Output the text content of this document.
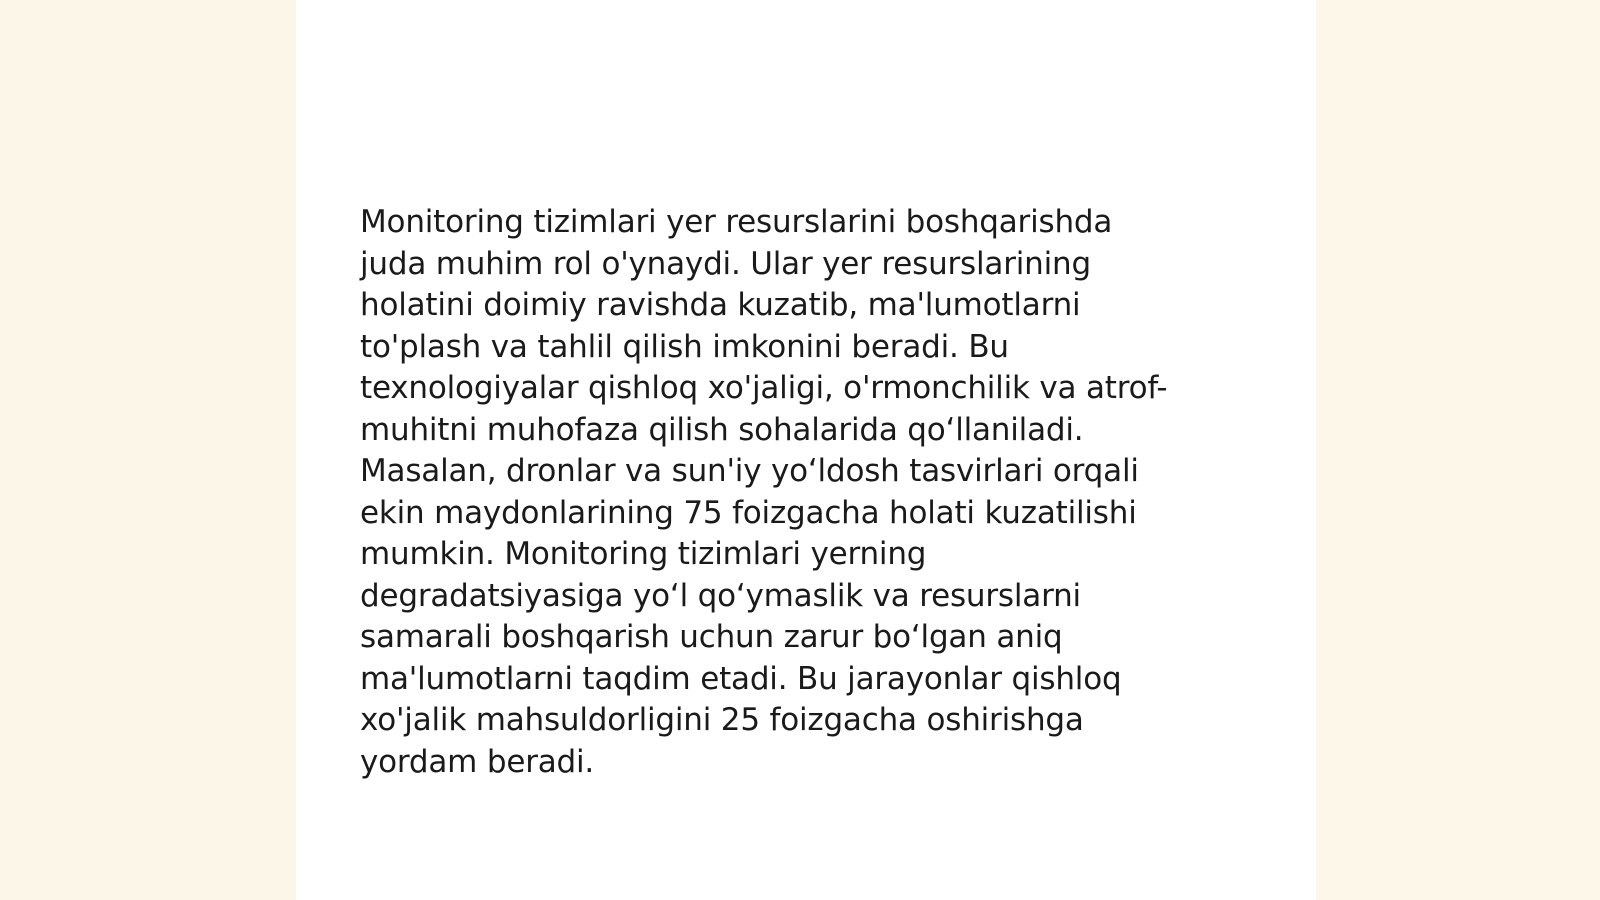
Monitoring tizimlari yer resurslarini boshqarishda
juda muhim rol o'ynaydi. Ular yer resurslarining
holatini doimiy ravishda kuzatib, ma'lumotlarni
to'plash va tahlil qilish imkonini beradi. Bu
texnologiyalar qishloq xo'jaligi, o'rmonchilik va atrof-
muhitni muhofaza qilish sohalarida qo‘llaniladi.
Masalan, dronlar va sun'iy yo‘ldosh tasvirlari orqali
ekin maydonlarining 75 foizgacha holati kuzatilishi
mumkin. Monitoring tizimlari yerning
degradatsiyasiga yo‘l qo‘ymaslik va resurslarni
samarali boshqarish uchun zarur bo‘lgan aniq
ma'lumotlarni taqdim etadi. Bu jarayonlar qishloq
xo'jalik mahsuldorligini 25 foizgacha oshirishga
yordam beradi.
